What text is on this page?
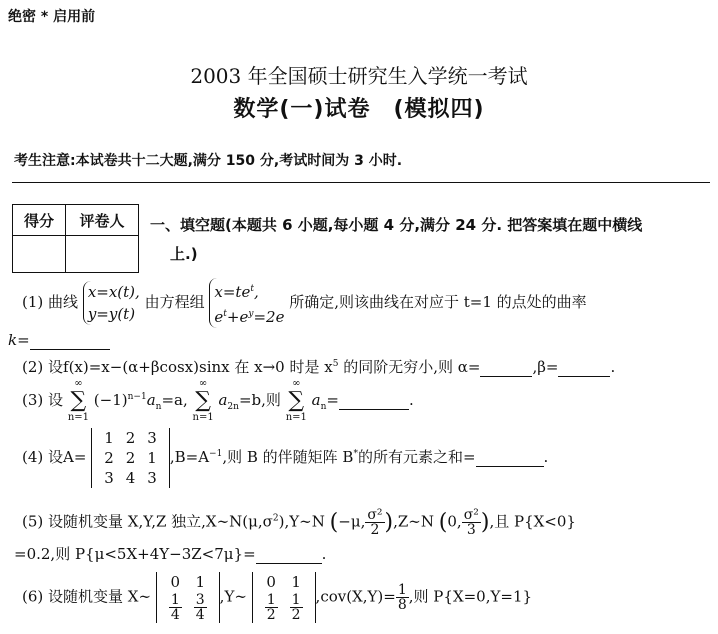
绝密 * 启用前
2003 年全国硕士研究生入学统一考试
数学(一)试卷　(模拟四)
考生注意:本试卷共十二大题,满分 150 分,考试时间为 3 小时.
得分	评卷人
	一、填空题(本题共 6 小题,每小题 4 分,满分 24 分. 把答案填在题中横线
上.)
(1) 曲线 x=x(t),
y=y(t) 由方程组 $x=te^t$,
$e^t+e^y=2e$ 所确定,则该曲线在对应于 t=1 的点处的曲率
k=
(2) 设f(x)=x−(α+βcosx)sinx 在 x→0 时是 $x^5$ 的同阶无穷小,则 α=	,β=	.
(3) 设 ∞
∑
n=1 $(-1)^{n-1}a_n=a$, ∞
∑
n=1 $a_{2n}=b$,则 ∞
∑
n=1 $a_n=$	.
(4) 设A=
1	2	3
2	2	1
3	4	3
$,B=A^{-1}$,则 B 的伴随矩阵 B*的所有元素之和=	.
(5) 设随机变量 X,Y,Z 独立$,X\sim N(\mu,\sigma^2),Y\sim N$ (−μ, $\frac{\text{σ²}}{2}$ ),Z∼N (0, $\frac{\text{σ²}}{3}$ ),且 P{X<0}
=0.2,则 P{μ<5X+4Y−3Z<7μ}=	.
(6) 设随机变量 X∼
0	1

$\frac{1}{4}$	$\frac{3}{4}$ ,Y∼
0	1

$\frac{1}{2}$	$\frac{1}{2} ,cov(X,Y)= \frac{1}{8}$ ,则 P{X=0,Y=1}
